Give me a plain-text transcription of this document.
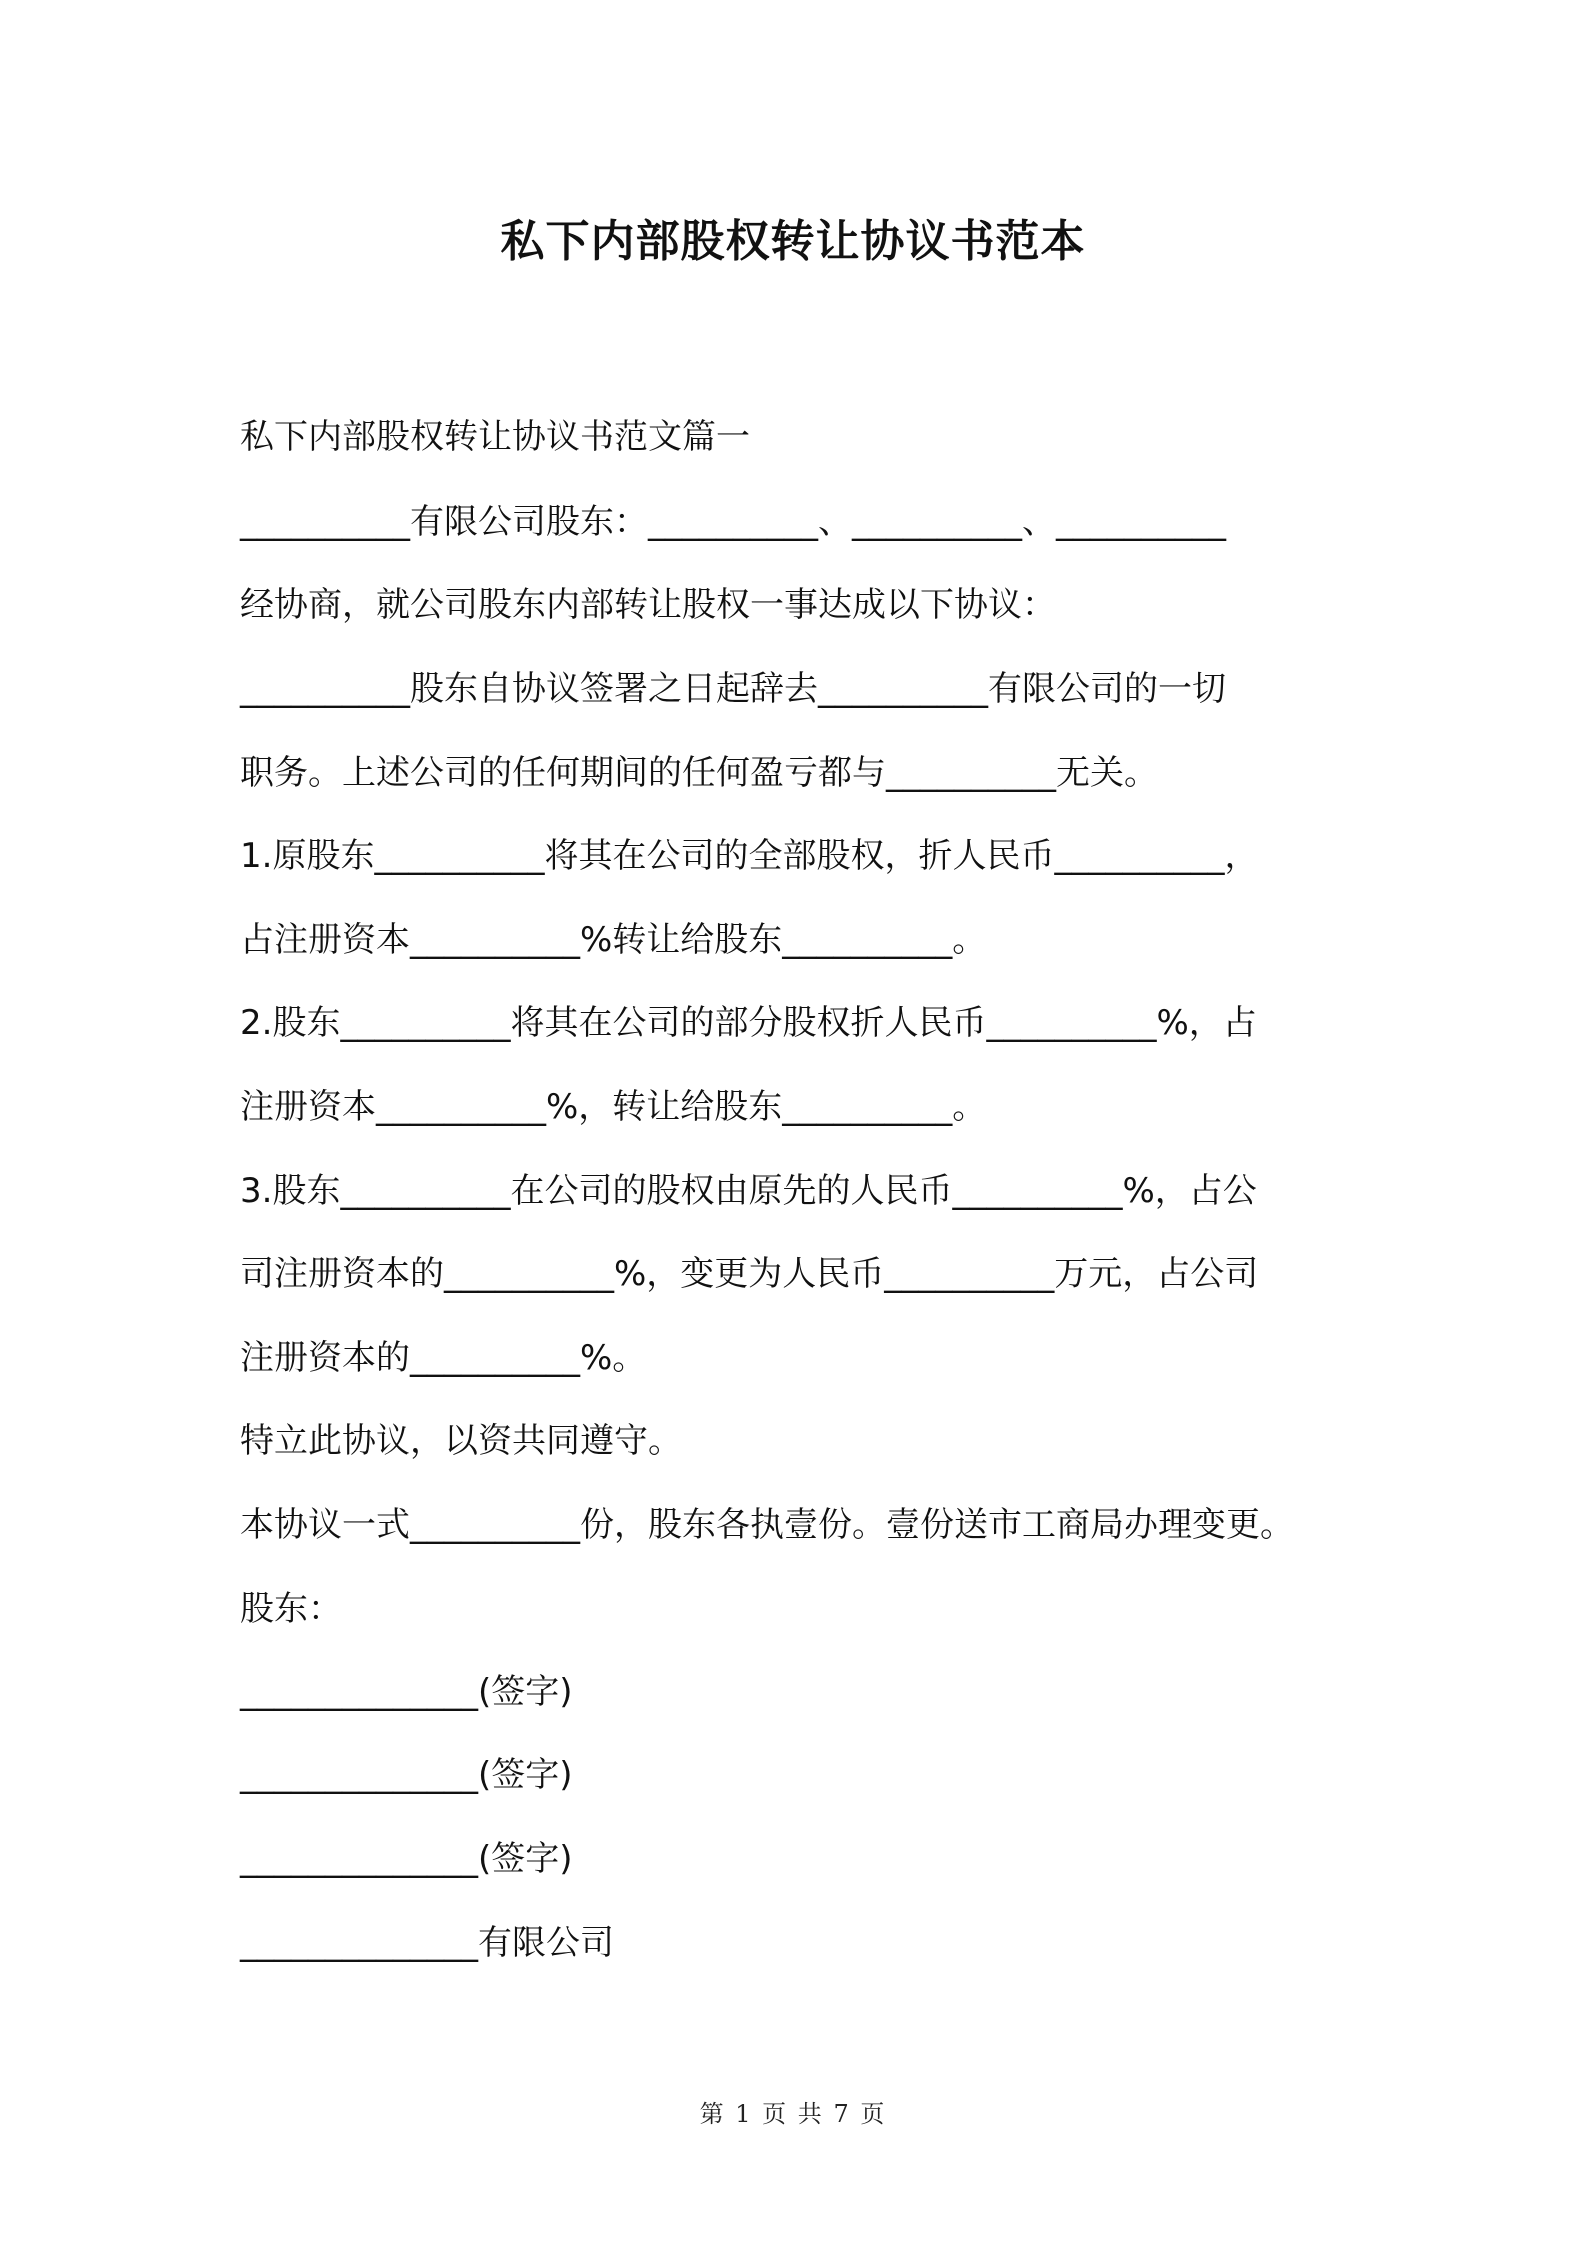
私下内部股权转让协议书范本
私下内部股权转让协议书范文篇一
__________有限公司股东：__________、__________、__________
经协商，就公司股东内部转让股权一事达成以下协议：
__________股东自协议签署之日起辞去__________有限公司的一切
职务。上述公司的任何期间的任何盈亏都与__________无关。
1.原股东__________将其在公司的全部股权，折人民币__________，
占注册资本__________%转让给股东__________。
2.股东__________将其在公司的部分股权折人民币__________%，占
注册资本__________%，转让给股东__________。
3.股东__________在公司的股权由原先的人民币__________%，占公
司注册资本的__________%，变更为人民币__________万元，占公司
注册资本的__________%。
特立此协议，以资共同遵守。
本协议一式__________份，股东各执壹份。壹份送市工商局办理变更。
股东：
______________(签字)
______________(签字)
______________(签字)
______________有限公司
第 1 页 共 7 页
